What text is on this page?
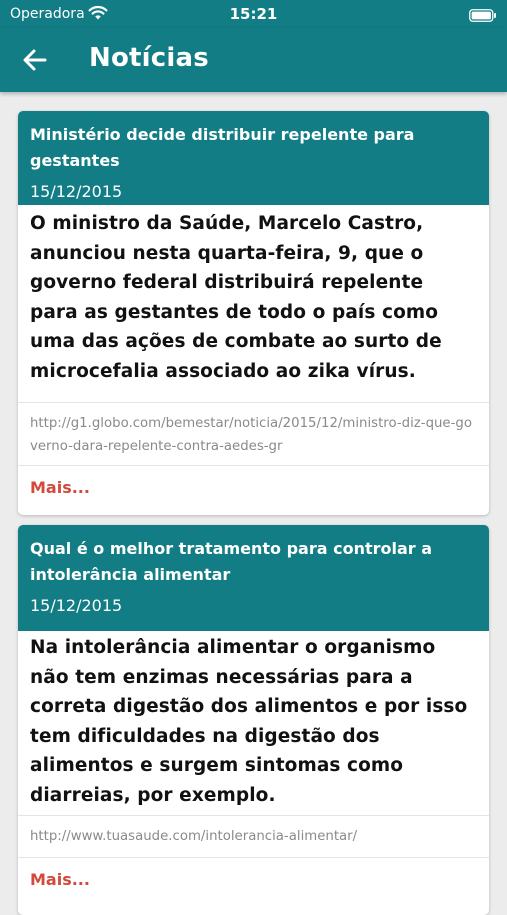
Operadora	15:21
Notícias
Ministério decide distribuir repelente para gestantes
15/12/2015
O ministro da Saúde, Marcelo Castro, anunciou nesta quarta-feira, 9, que o governo federal distribuirá repelente para as gestantes de todo o país como uma das ações de combate ao surto de microcefalia associado ao zika vírus.
http://g1.globo.com/bemestar/noticia/2015/12/ministro-diz-que-governo-dara-repelente-contra-aedes-gr
Mais...
Qual é o melhor tratamento para controlar a intolerância alimentar
15/12/2015
Na intolerância alimentar o organismo não tem enzimas necessárias para a correta digestão dos alimentos e por isso tem dificuldades na digestão dos alimentos e surgem sintomas como diarreias, por exemplo.
http://www.tuasaude.com/intolerancia-alimentar/
Mais...
